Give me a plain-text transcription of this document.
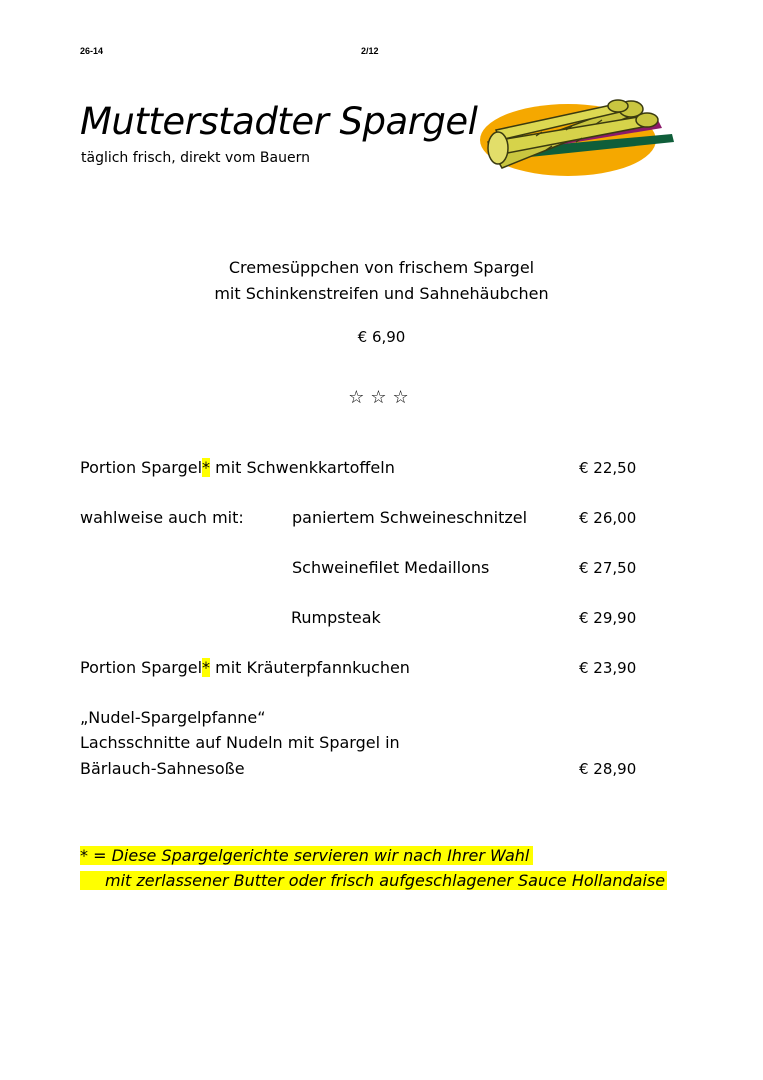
26-14	2/12
Mutterstadter Spargel
täglich frisch, direkt vom Bauern
Cremesüppchen von frischem Spargel
mit Schinkenstreifen und Sahnehäubchen
€ 6,90
☆☆☆
Portion Spargel* mit Schwenkkartoffeln	€ 22,50
wahlweise auch mit:	paniertem Schweineschnitzel	€ 26,00
Schweinefilet Medaillons	€ 27,50
Rumpsteak	€ 29,90
Portion Spargel* mit Kräuterpfannkuchen	€ 23,90
„Nudel-Spargelpfanne“
Lachsschnitte auf Nudeln mit Spargel in
Bärlauch-Sahnesoße	€ 28,90
* = Diese Spargelgerichte servieren wir nach Ihrer Wahl
mit zerlassener Butter oder frisch aufgeschlagener Sauce Hollandaise
